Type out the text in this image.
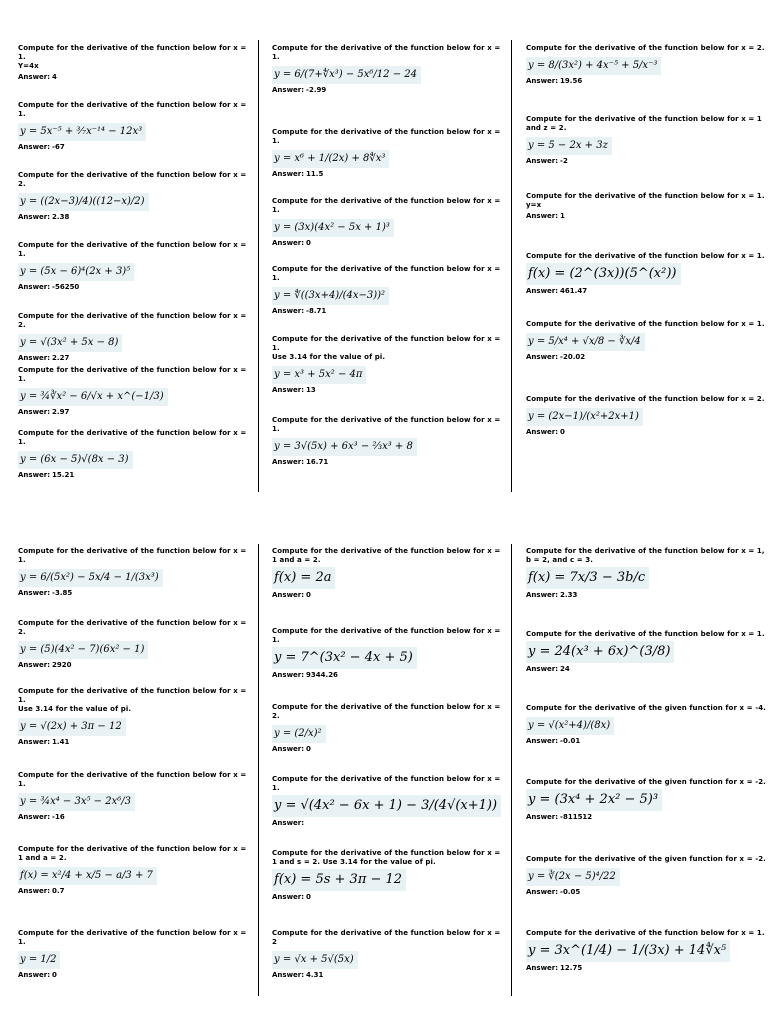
Compute for the derivative of the function below for x = 1.
Y=4x
Answer: 4
Compute for the derivative of the function below for x = 1.
y = 5x⁻⁵ + ³⁄₇x⁻¹⁴ − 12x³
Answer: -67
Compute for the derivative of the function below for x = 2.
y = ((2x−3)/4)((12−x)/2)
Answer: 2.38
Compute for the derivative of the function below for x = 1.
y = (5x − 6)⁴(2x + 3)⁵
Answer: -56250
Compute for the derivative of the function below for x = 2.
y = √(3x² + 5x − 8)
Answer: 2.27
Compute for the derivative of the function below for x = 1.
y = ¾∛x² − 6/√x + x^(−1/3)
Answer: 2.97
Compute for the derivative of the function below for x = 1.
y = (6x − 5)√(8x − 3)
Answer: 15.21
Compute for the derivative of the function below for x = 1.
y = 6/(7+∜x³) − 5x⁶/12 − 24
Answer: -2.99
Compute for the derivative of the function below for x = 1.
y = x⁶ + 1/(2x) + 8∜x³
Answer: 11.5
Compute for the derivative of the function below for x = 1.
y = (3x)(4x² − 5x + 1)³
Answer: 0
Compute for the derivative of the function below for x = 1.
y = ∜((3x+4)/(4x−3))²
Answer: -8.71
Compute for the derivative of the function below for x = 1.
Use 3.14 for the value of pi.
y = x³ + 5x² − 4π
Answer: 13
Compute for the derivative of the function below for x = 1.
y = 3√(5x) + 6x³ − ⅔x³ + 8
Answer: 16.71
Compute for the derivative of the function below for x = 2.
y = 8/(3x²) + 4x⁻⁵ + 5/x⁻³
Answer: 19.56
Compute for the derivative of the function below for x = 1 and z = 2.
y = 5 − 2x + 3z
Answer: -2
Compute for the derivative of the function below for x = 1.
y=x
Answer: 1
Compute for the derivative of the function below for x = 1.
f(x) = (2^(3x))(5^(x²))
Answer: 461.47
Compute for the derivative of the function below for x = 1.
y = 5/x⁴ + √x/8 − ∛x/4
Answer: -20.02
Compute for the derivative of the function below for x = 2.
y = (2x−1)/(x²+2x+1)
Answer: 0
Compute for the derivative of the function below for x = 1.
y = 6/(5x²) − 5x/4 − 1/(3x³)
Answer: -3.85
Compute for the derivative of the function below for x = 2.
y = (5)(4x² − 7)(6x² − 1)
Answer: 2920
Compute for the derivative of the function below for x = 1.
Use 3.14 for the value of pi.
y = √(2x) + 3π − 12
Answer: 1.41
Compute for the derivative of the function below for x = 1.
y = ¾x⁴ − 3x⁵ − 2x⁶/3
Answer: -16
Compute for the derivative of the function below for x = 1 and a = 2.
f(x) = x²/4 + x/5 − a/3 + 7
Answer: 0.7
Compute for the derivative of the function below for x = 1.
y = 1/2
Answer: 0
Compute for the derivative of the function below for x = 1 and a = 2.
f(x) = 2a
Answer: 0
Compute for the derivative of the function below for x = 1.
y = 7^(3x² − 4x + 5)
Answer: 9344.26
Compute for the derivative of the function below for x = 2.
y = (2/x)²
Answer: 0
Compute for the derivative of the function below for x = 1.
y = √(4x² − 6x + 1) − 3/(4√(x+1))
Answer:
Compute for the derivative of the function below for x = 1 and s = 2. Use 3.14 for the value of pi.
f(x) = 5s + 3π − 12
Answer: 0
Compute for the derivative of the function below for x = 2
y = √x + 5√(5x)
Answer: 4.31
Compute for the derivative of the function below for x = 1, b = 2, and c = 3.
f(x) = 7x/3 − 3b/c
Answer: 2.33
Compute for the derivative of the function below for x = 1.
y = 24(x³ + 6x)^(3/8)
Answer: 24
Compute for the derivative of the given function for x = -4.
y = √(x²+4)/(8x)
Answer: -0.01
Compute for the derivative of the given function for x = -2.
y = (3x⁴ + 2x² − 5)³
Answer: -811512
Compute for the derivative of the given function for x = -2.
y = ∛(2x − 5)⁴/22
Answer: -0.05
Compute for the derivative of the function below for x = 1.
y = 3x^(1/4) − 1/(3x) + 14∜x⁵
Answer: 12.75
